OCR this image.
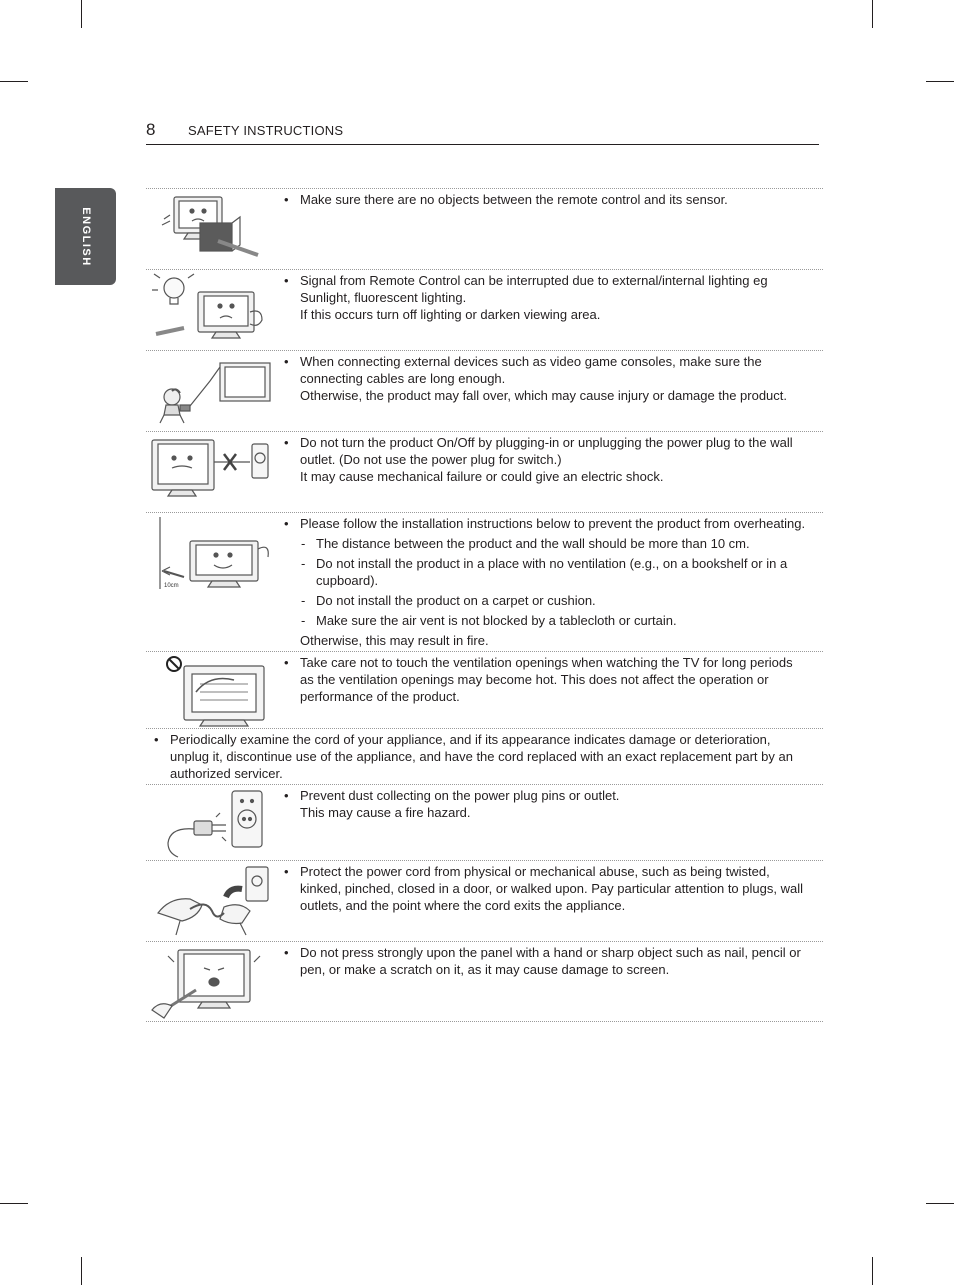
8	SAFETY INSTRUCTIONS
ENGLISH
• Make sure there are no objects between the remote control and its sensor.
• Signal from Remote Control can be interrupted due to external/internal lighting eg
Sunlight, fluorescent lighting.
If this occurs turn off lighting or darken viewing area.
• When connecting external devices such as video game consoles, make sure the
connecting cables are long enough.
Otherwise, the product may fall over, which may cause injury or damage the product.
• Do not turn the product On/Off by plugging-in or unplugging the power plug to the wall
outlet. (Do not use the power plug for switch.)
It may cause mechanical failure or could give an electric shock.
10cm
• Please follow the installation instructions below to prevent the product from overheating.
- The distance between the product and the wall should be more than 10 cm.
- Do not install the product in a place with no ventilation (e.g., on a bookshelf or in a cupboard).
- Do not install the product on a carpet or cushion.
- Make sure the air vent is not blocked by a tablecloth or curtain.
Otherwise, this may result in fire.
• Take care not to touch the ventilation openings when watching the TV for long periods
as the ventilation openings may become hot. This does not affect the operation or
performance of the product.
• Periodically examine the cord of your appliance, and if its appearance indicates damage or deterioration,
unplug it, discontinue use of the appliance, and have the cord replaced with an exact replacement part by an
authorized servicer.
• Prevent dust collecting on the power plug pins or outlet.
This may cause a fire hazard.
• Protect the power cord from physical or mechanical abuse, such as being twisted,
kinked, pinched, closed in a door, or walked upon. Pay particular attention to plugs, wall
outlets, and the point where the cord exits the appliance.
• Do not press strongly upon the panel with a hand or sharp object such as nail, pencil or
pen, or make a scratch on it, as it may cause damage to screen.
